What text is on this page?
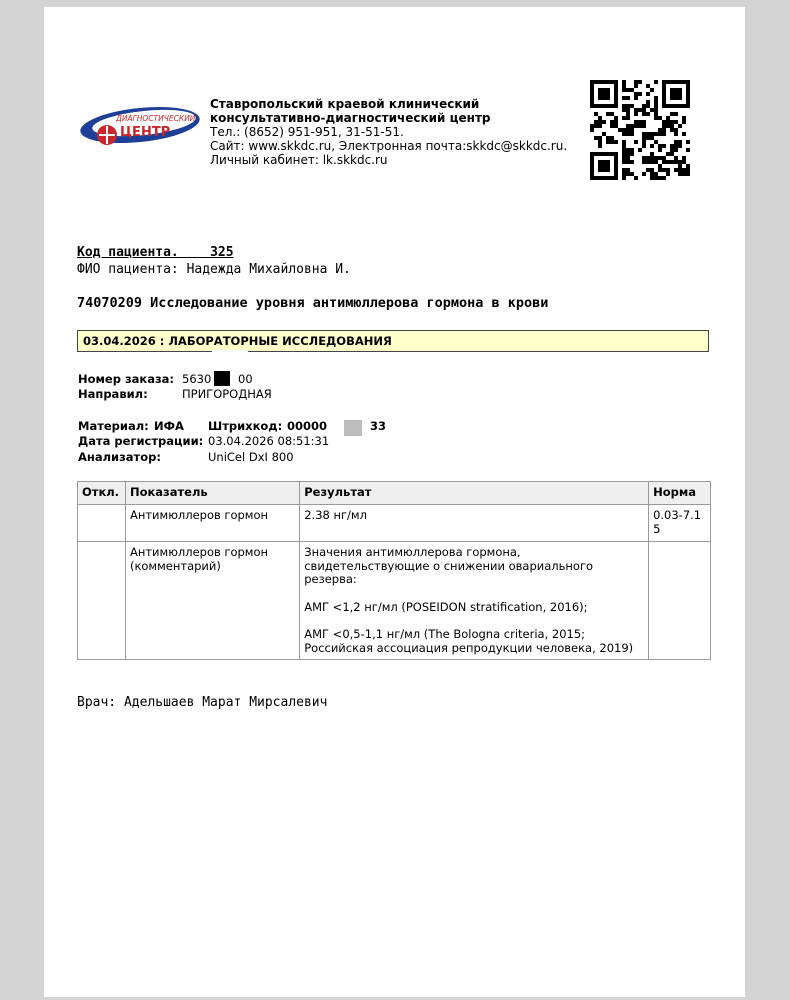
ДИАГНОСТИЧЕСКИЙ
ЦЕНТР
Ставропольский краевой клинический
консультативно-диагностический центр
Тел.: (8652) 951-951, 31-51-51.
Сайт: www.skkdc.ru, Электронная почта:skkdc@skkdc.ru.
Личный кабинет: lk.skkdc.ru
Код пациента. 325
ФИО пациента: Надежда Михайловна И.
74070209 Исследование уровня антимюллерова гормона в крови
03.04.2026 : ЛАБОРАТОРНЫЕ ИССЛЕДОВАНИЯ
Номер заказа: 5630 00
Направил:	ПРИГОРОДНАЯ
Материал: ИФА Штрихкод: 00000	33
Дата регистрации: 03.04.2026 08:51:31
Анализатор:	UniCel DxI 800
Откл.	Показатель	Результат	Норма
	Антимюллеров гормон	2.38 нг/мл	0.03-7.15
	Антимюллеров гормон (комментарий)	Значения антимюллерова гормона, свидетельствующие о снижении овариального резерва:

АМГ <1,2 нг/мл (POSEIDON stratification, 2016);

АМГ <0,5-1,1 нг/мл (The Bologna criteria, 2015; Российская ассоциация репродукции человека, 2019)	

Врач: Адельшаев Марат Мирсалевич
